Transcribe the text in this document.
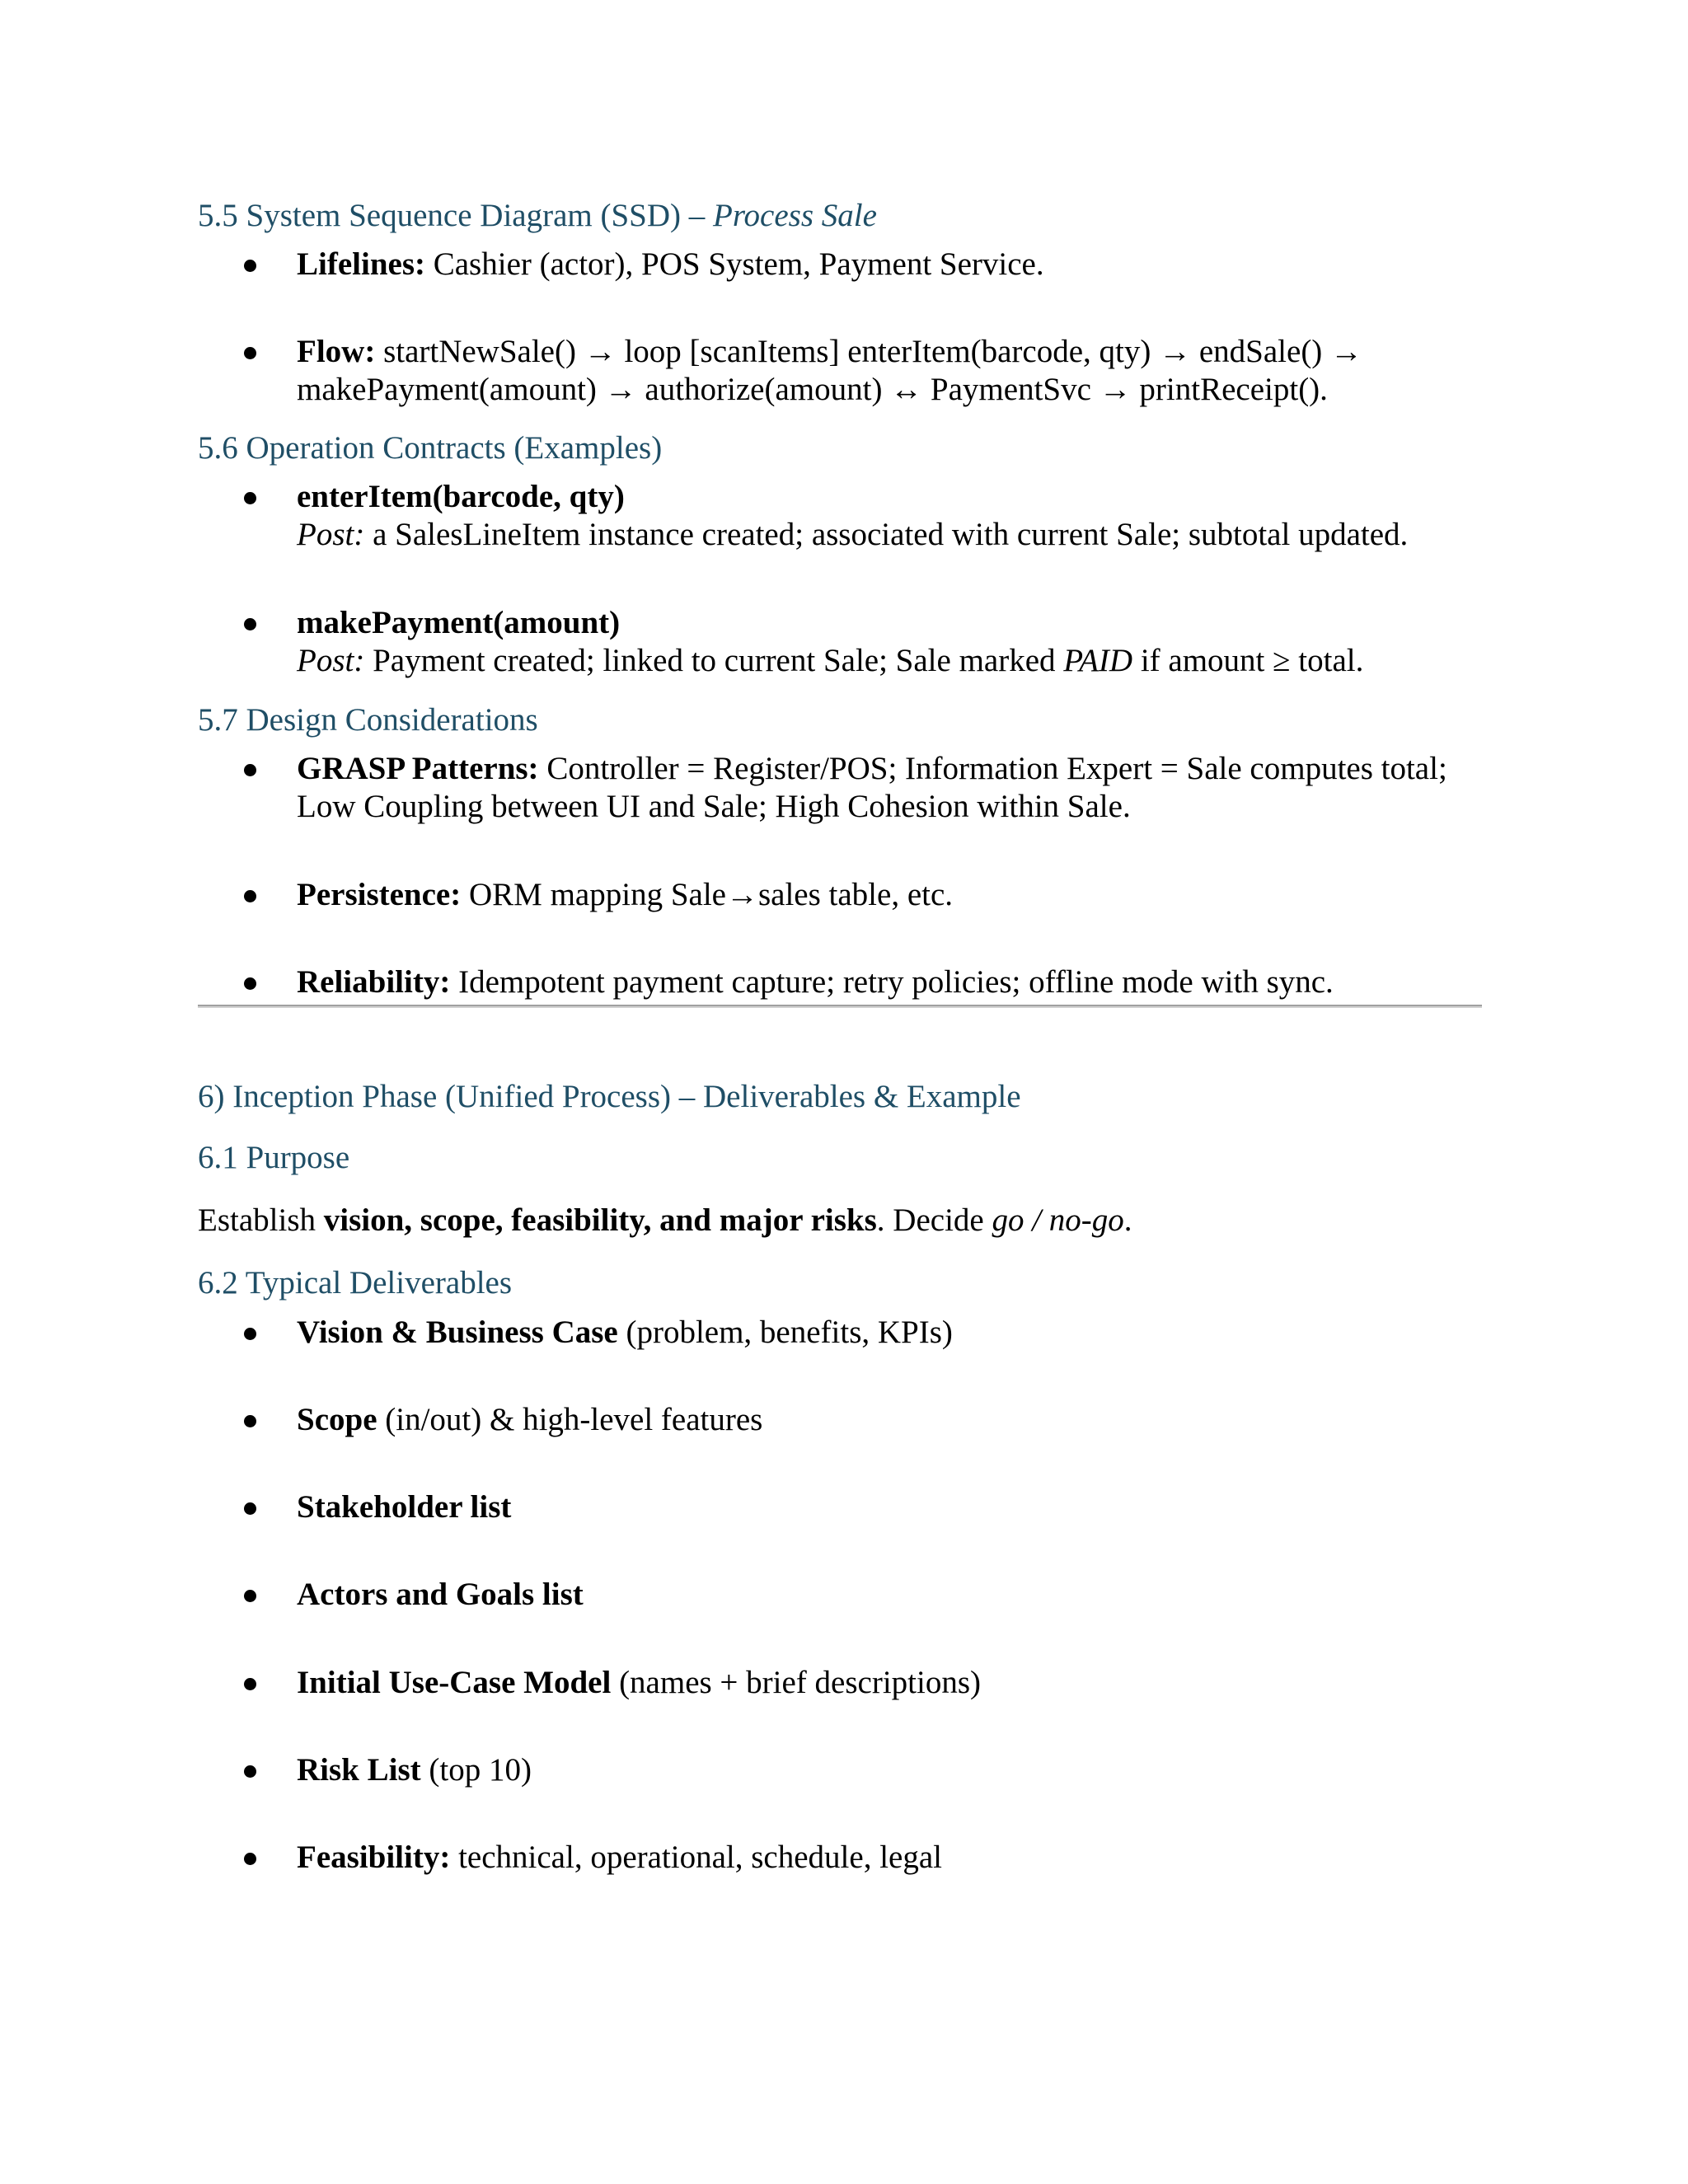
5.5 System Sequence Diagram (SSD) – Process Sale
Lifelines: Cashier (actor), POS System, Payment Service.
Flow: startNewSale() → loop [scanItems] enterItem(barcode, qty) → endSale() →
makePayment(amount) → authorize(amount) ↔ PaymentSvc → printReceipt().
5.6 Operation Contracts (Examples)
enterItem(barcode, qty)
Post: a SalesLineItem instance created; associated with current Sale; subtotal updated.
makePayment(amount)
Post: Payment created; linked to current Sale; Sale marked PAID if amount ≥ total.
5.7 Design Considerations
GRASP Patterns: Controller = Register/POS; Information Expert = Sale computes total;
Low Coupling between UI and Sale; High Cohesion within Sale.
Persistence: ORM mapping Sale→sales table, etc.
Reliability: Idempotent payment capture; retry policies; offline mode with sync.
6) Inception Phase (Unified Process) – Deliverables & Example
6.1 Purpose

Establish vision, scope, feasibility, and major risks. Decide go / no-go.

6.2 Typical Deliverables
Vision & Business Case (problem, benefits, KPIs)
Scope (in/out) & high-level features
Stakeholder list
Actors and Goals list
Initial Use-Case Model (names + brief descriptions)
Risk List (top 10)
Feasibility: technical, operational, schedule, legal
